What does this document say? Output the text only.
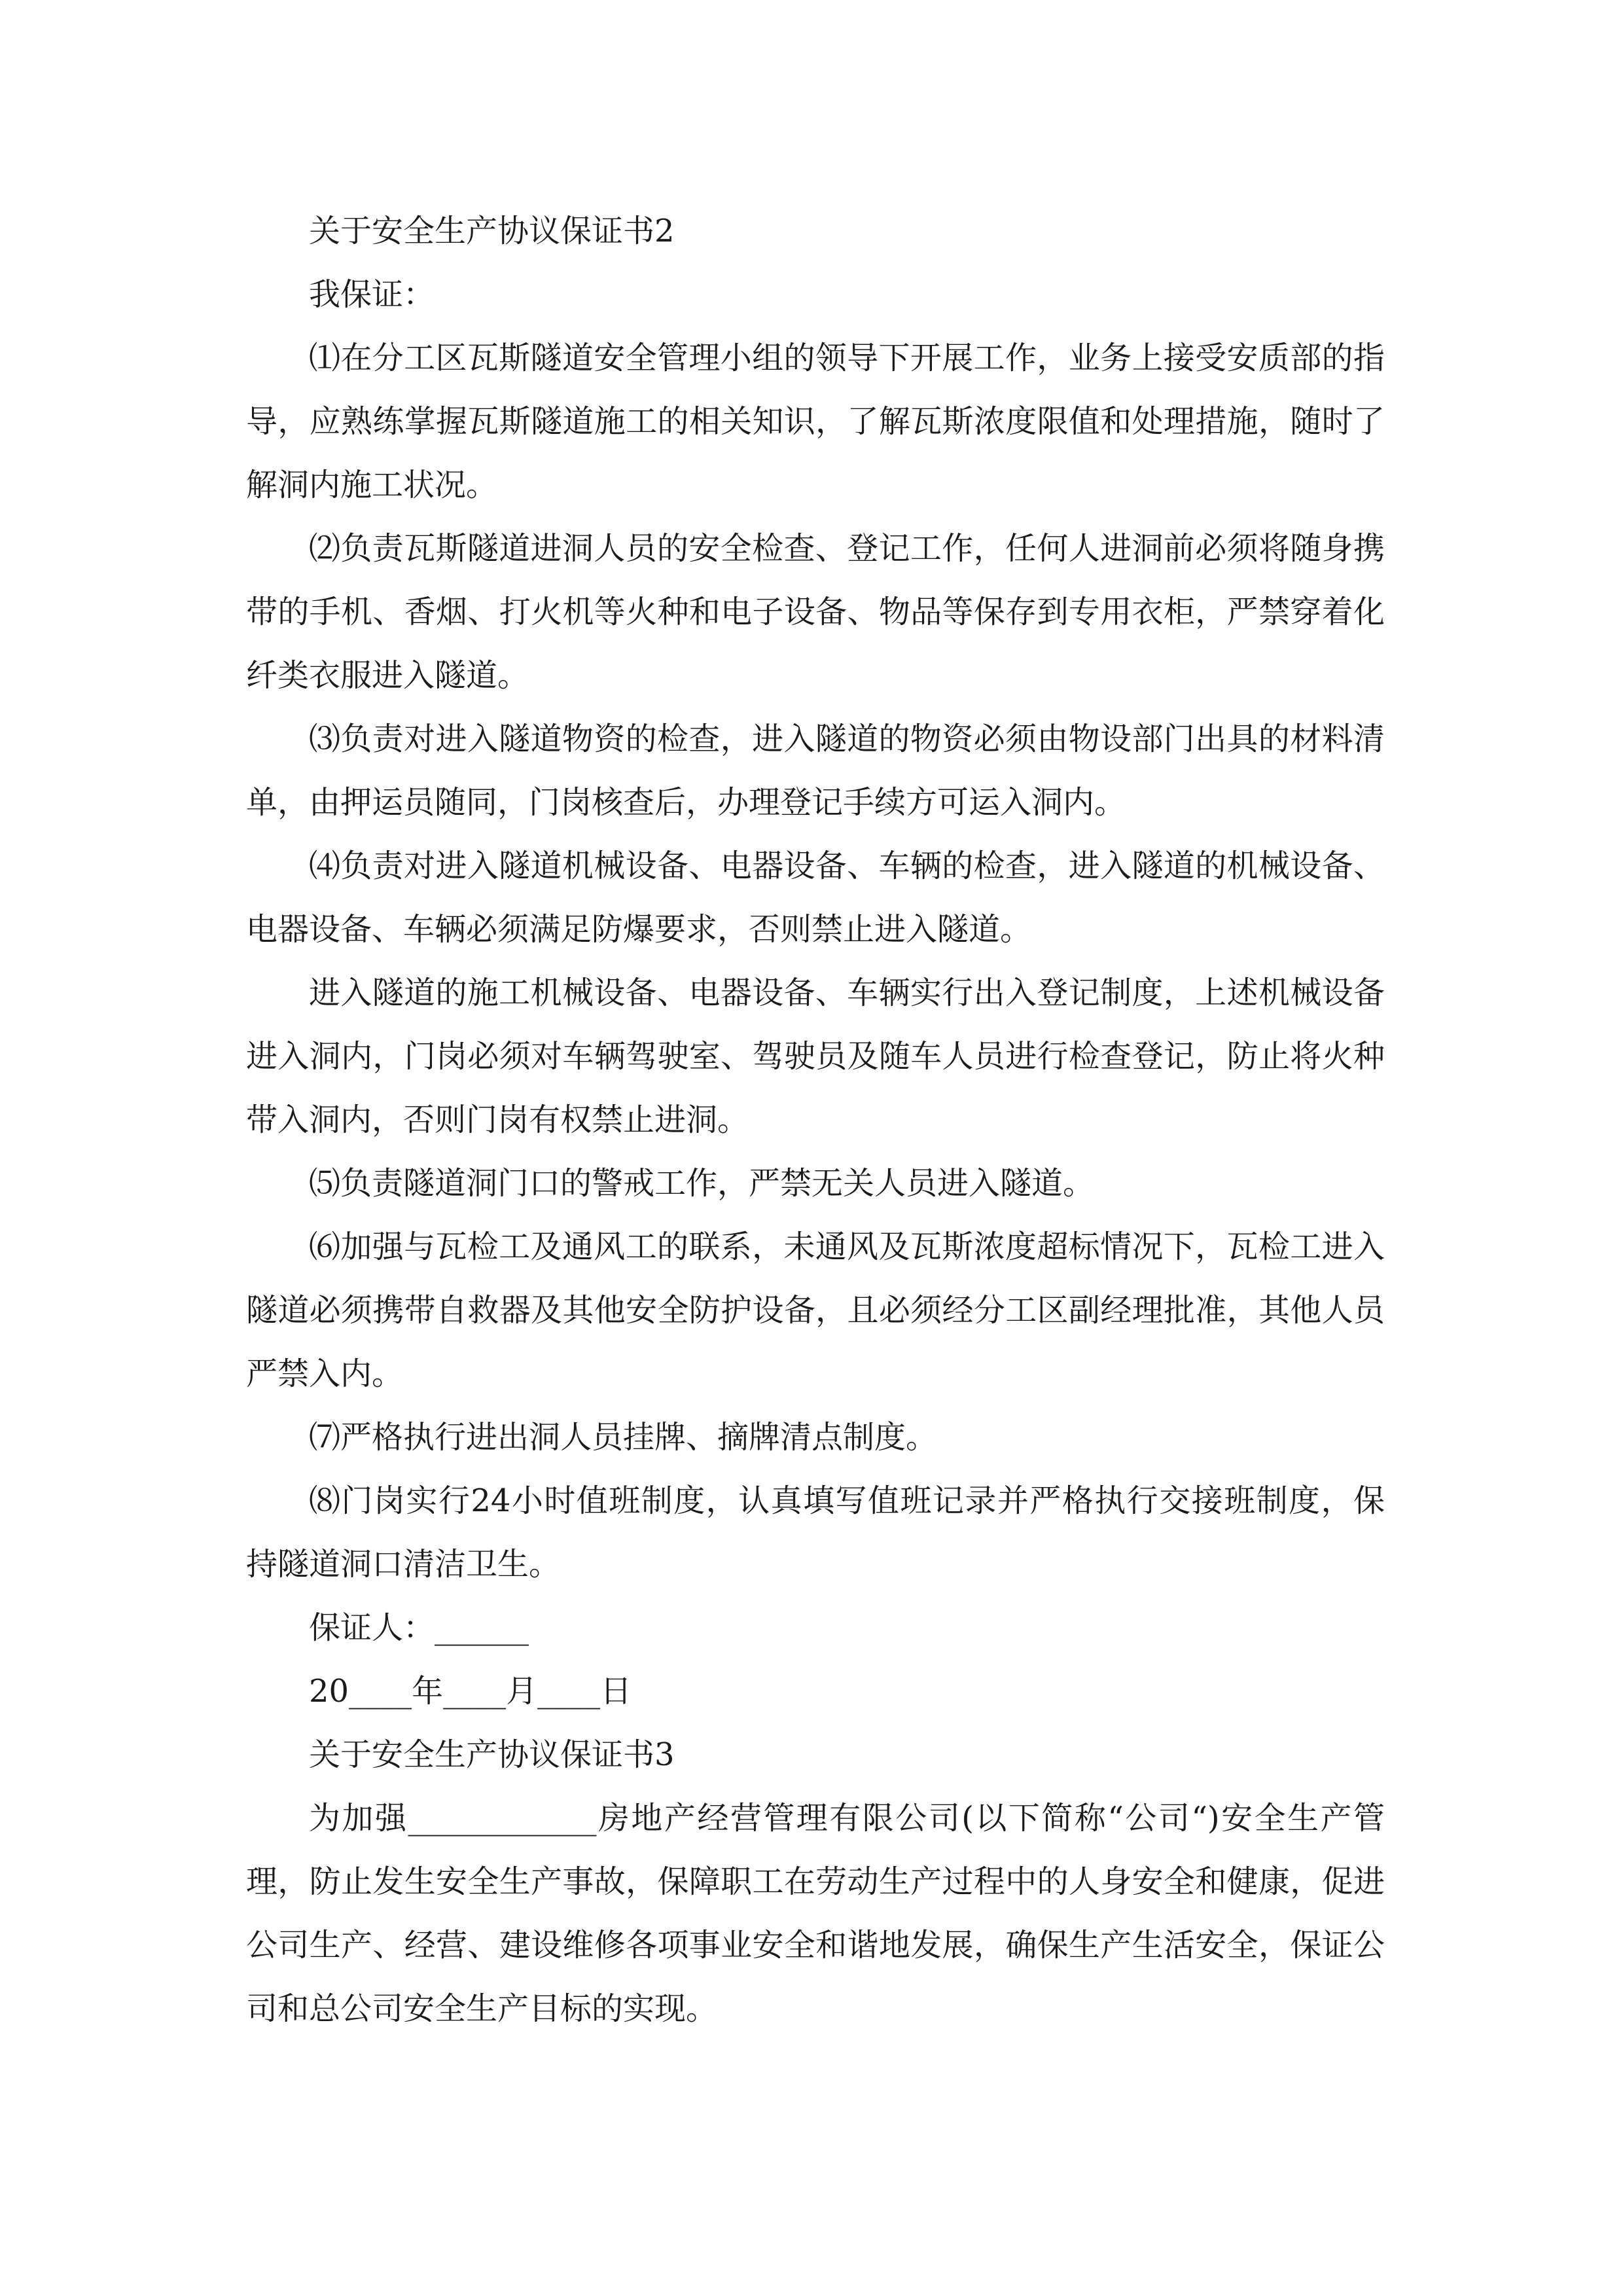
关于安全生产协议保证书2

我保证：

⑴在分工区瓦斯隧道安全管理小组的领导下开展工作，业务上接受安质部的指导，应熟练掌握瓦斯隧道施工的相关知识，了解瓦斯浓度限值和处理措施，随时了解洞内施工状况。

⑵负责瓦斯隧道进洞人员的安全检查、登记工作，任何人进洞前必须将随身携带的手机、香烟、打火机等火种和电子设备、物品等保存到专用衣柜，严禁穿着化纤类衣服进入隧道。

⑶负责对进入隧道物资的检查，进入隧道的物资必须由物设部门出具的材料清单，由押运员随同，门岗核查后，办理登记手续方可运入洞内。

⑷负责对进入隧道机械设备、电器设备、车辆的检查，进入隧道的机械设备、电器设备、车辆必须满足防爆要求，否则禁止进入隧道。

进入隧道的施工机械设备、电器设备、车辆实行出入登记制度，上述机械设备进入洞内，门岗必须对车辆驾驶室、驾驶员及随车人员进行检查登记，防止将火种带入洞内，否则门岗有权禁止进洞。

⑸负责隧道洞门口的警戒工作，严禁无关人员进入隧道。

⑹加强与瓦检工及通风工的联系，未通风及瓦斯浓度超标情况下，瓦检工进入隧道必须携带自救器及其他安全防护设备，且必须经分工区副经理批准，其他人员严禁入内。

⑺严格执行进出洞人员挂牌、摘牌清点制度。

⑻门岗实行24小时值班制度，认真填写值班记录并严格执行交接班制度，保持隧道洞口清洁卫生。

保证人：______

20____年____月____日

关于安全生产协议保证书3

为加强____________房地产经营管理有限公司(以下简称“公司“)安全生产管理，防止发生安全生产事故，保障职工在劳动生产过程中的人身安全和健康，促进公司生产、经营、建设维修各项事业安全和谐地发展，确保生产生活安全，保证公司和总公司安全生产目标的实现。
